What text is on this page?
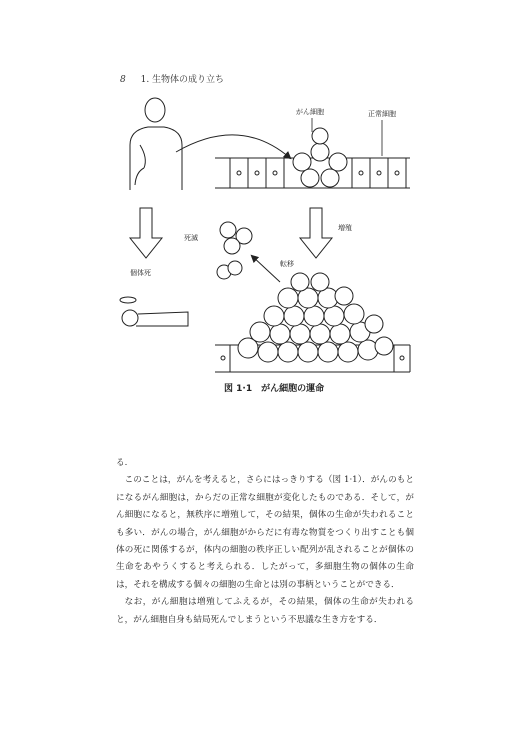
8 1. 生物体の成り立ち
がん細胞	正常細胞
個体死
増殖
死滅
転移
図 1·1　がん細胞の運命

る.

このことは，がんを考えると，さらにはっきりする（図 1·1）．がんのもとになるがん細胞は，からだの正常な細胞が変化したものである．そして，がん細胞になると，無秩序に増殖して，その結果，個体の生命が失われることも多い．がんの場合，がん細胞がからだに有毒な物質をつくり出すことも個体の死に関係するが，体内の細胞の秩序正しい配列が乱されることが個体の生命をあやうくすると考えられる．したがって，多細胞生物の個体の生命は，それを構成する個々の細胞の生命とは別の事柄ということができる．

なお，がん細胞は増殖してふえるが，その結果，個体の生命が失われると，がん細胞自身も結局死んでしまうという不思議な生き方をする．
